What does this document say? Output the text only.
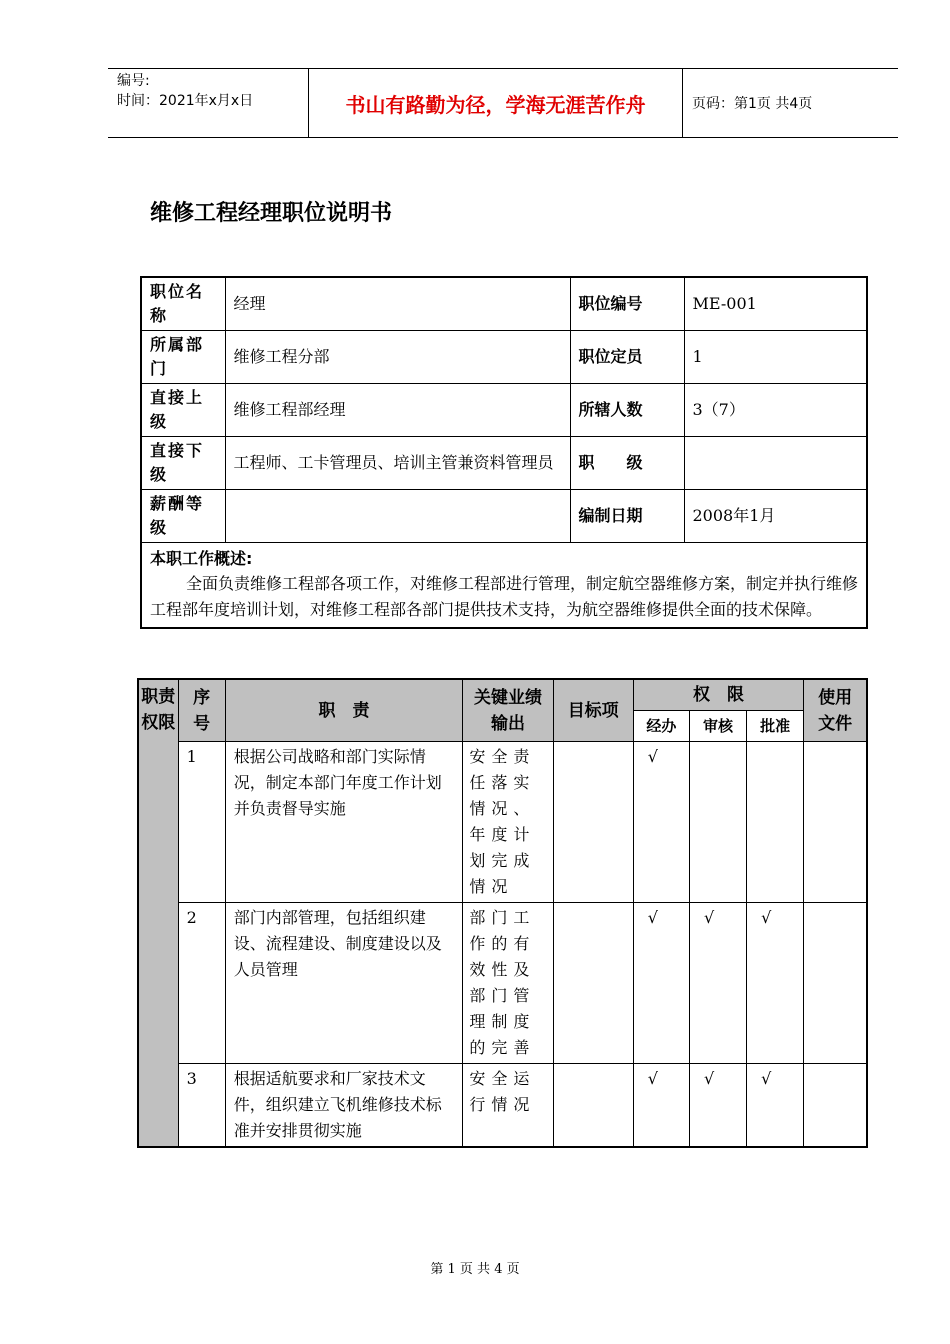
编号:
时间：2021年x月x日	书山有路勤为径，学海无涯苦作舟	页码：第1页 共4页
维修工程经理职位说明书
职位名称	经理	职位编号	ME-001
所属部门	维修工程分部	职位定员	1
直接上级	维修工程部经理	所辖人数	3（7）
直接下级	工程师、工卡管理员、培训主管兼资料管理员	职　　级	
薪酬等级		编制日期	2008年1月

本职工作概述:
全面负责维修工程部各项工作，对维修工程部进行管理，制定航空器维修方案，制定并执行维修工程部年度培训计划，对维修工程部各部门提供技术支持，为航空器维修提供全面的技术保障。			
职责权限	序号	职　责	关键业绩输出	目标项	权　限			使用文件
					经办	审核	批准	
	1	根据公司战略和部门实际情况，制定本部门年度工作计划并负责督导实施	安全责任落实情况、年度计划完成情况		√			
	2	部门内部管理，包括组织建设、流程建设、制度建设以及人员管理	部门工作的有效性及部门管理制度的完善		√	√	√	
	3	根据适航要求和厂家技术文件，组织建立飞机维修技术标准并安排贯彻实施	安全运行情况		√	√	√	
第 1 页 共 4 页
